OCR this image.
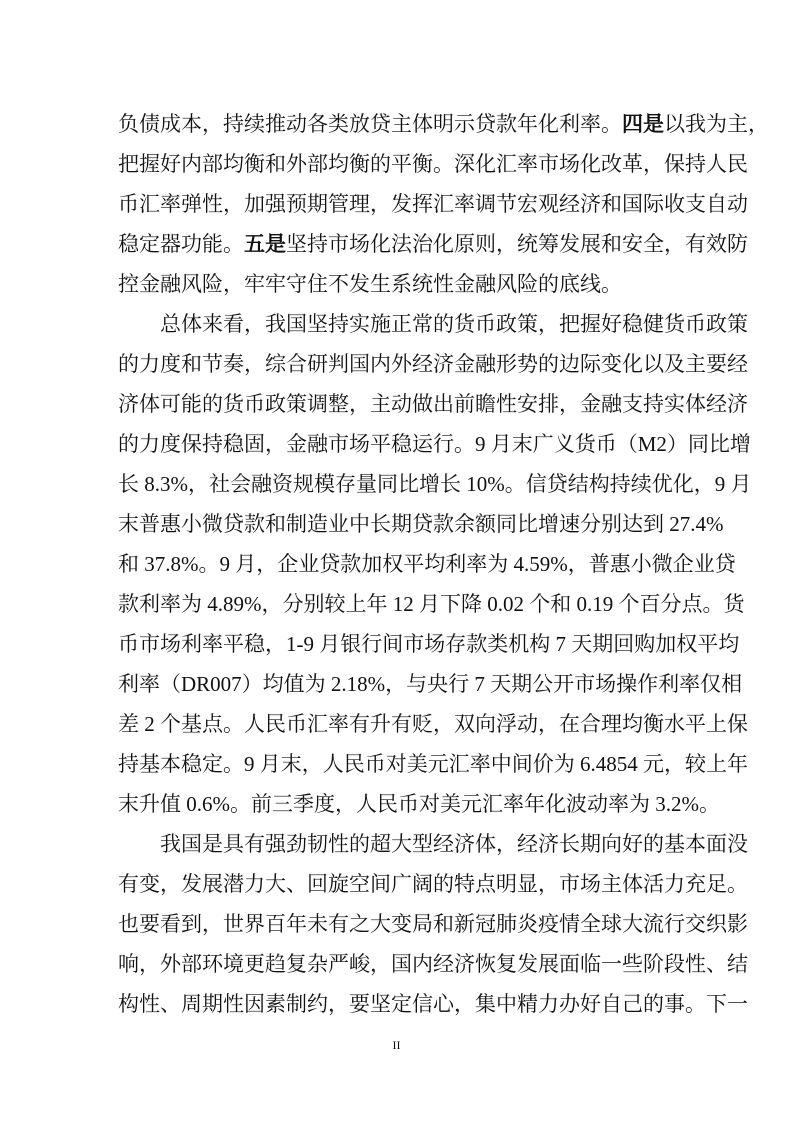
负债成本，持续推动各类放贷主体明示贷款年化利率。四是以我为主，
把握好内部均衡和外部均衡的平衡。深化汇率市场化改革，保持人民
币汇率弹性，加强预期管理，发挥汇率调节宏观经济和国际收支自动
稳定器功能。五是坚持市场化法治化原则，统筹发展和安全，有效防
控金融风险，牢牢守住不发生系统性金融风险的底线。
总体来看，我国坚持实施正常的货币政策，把握好稳健货币政策
的力度和节奏，综合研判国内外经济金融形势的边际变化以及主要经
济体可能的货币政策调整，主动做出前瞻性安排，金融支持实体经济
的力度保持稳固，金融市场平稳运行。9 月末广义货币（M2）同比增
长 8.3%，社会融资规模存量同比增长 10%。信贷结构持续优化，9 月
末普惠小微贷款和制造业中长期贷款余额同比增速分别达到 27.4%
和 37.8%。9 月，企业贷款加权平均利率为 4.59%，普惠小微企业贷
款利率为 4.89%，分别较上年 12 月下降 0.02 个和 0.19 个百分点。货
币市场利率平稳，1-9 月银行间市场存款类机构 7 天期回购加权平均
利率（DR007）均值为 2.18%，与央行 7 天期公开市场操作利率仅相
差 2 个基点。人民币汇率有升有贬，双向浮动，在合理均衡水平上保
持基本稳定。9 月末，人民币对美元汇率中间价为 6.4854 元，较上年
末升值 0.6%。前三季度，人民币对美元汇率年化波动率为 3.2%。
我国是具有强劲韧性的超大型经济体，经济长期向好的基本面没
有变，发展潜力大、回旋空间广阔的特点明显，市场主体活力充足。
也要看到，世界百年未有之大变局和新冠肺炎疫情全球大流行交织影
响，外部环境更趋复杂严峻，国内经济恢复发展面临一些阶段性、结
构性、周期性因素制约，要坚定信心，集中精力办好自己的事。下一
II
